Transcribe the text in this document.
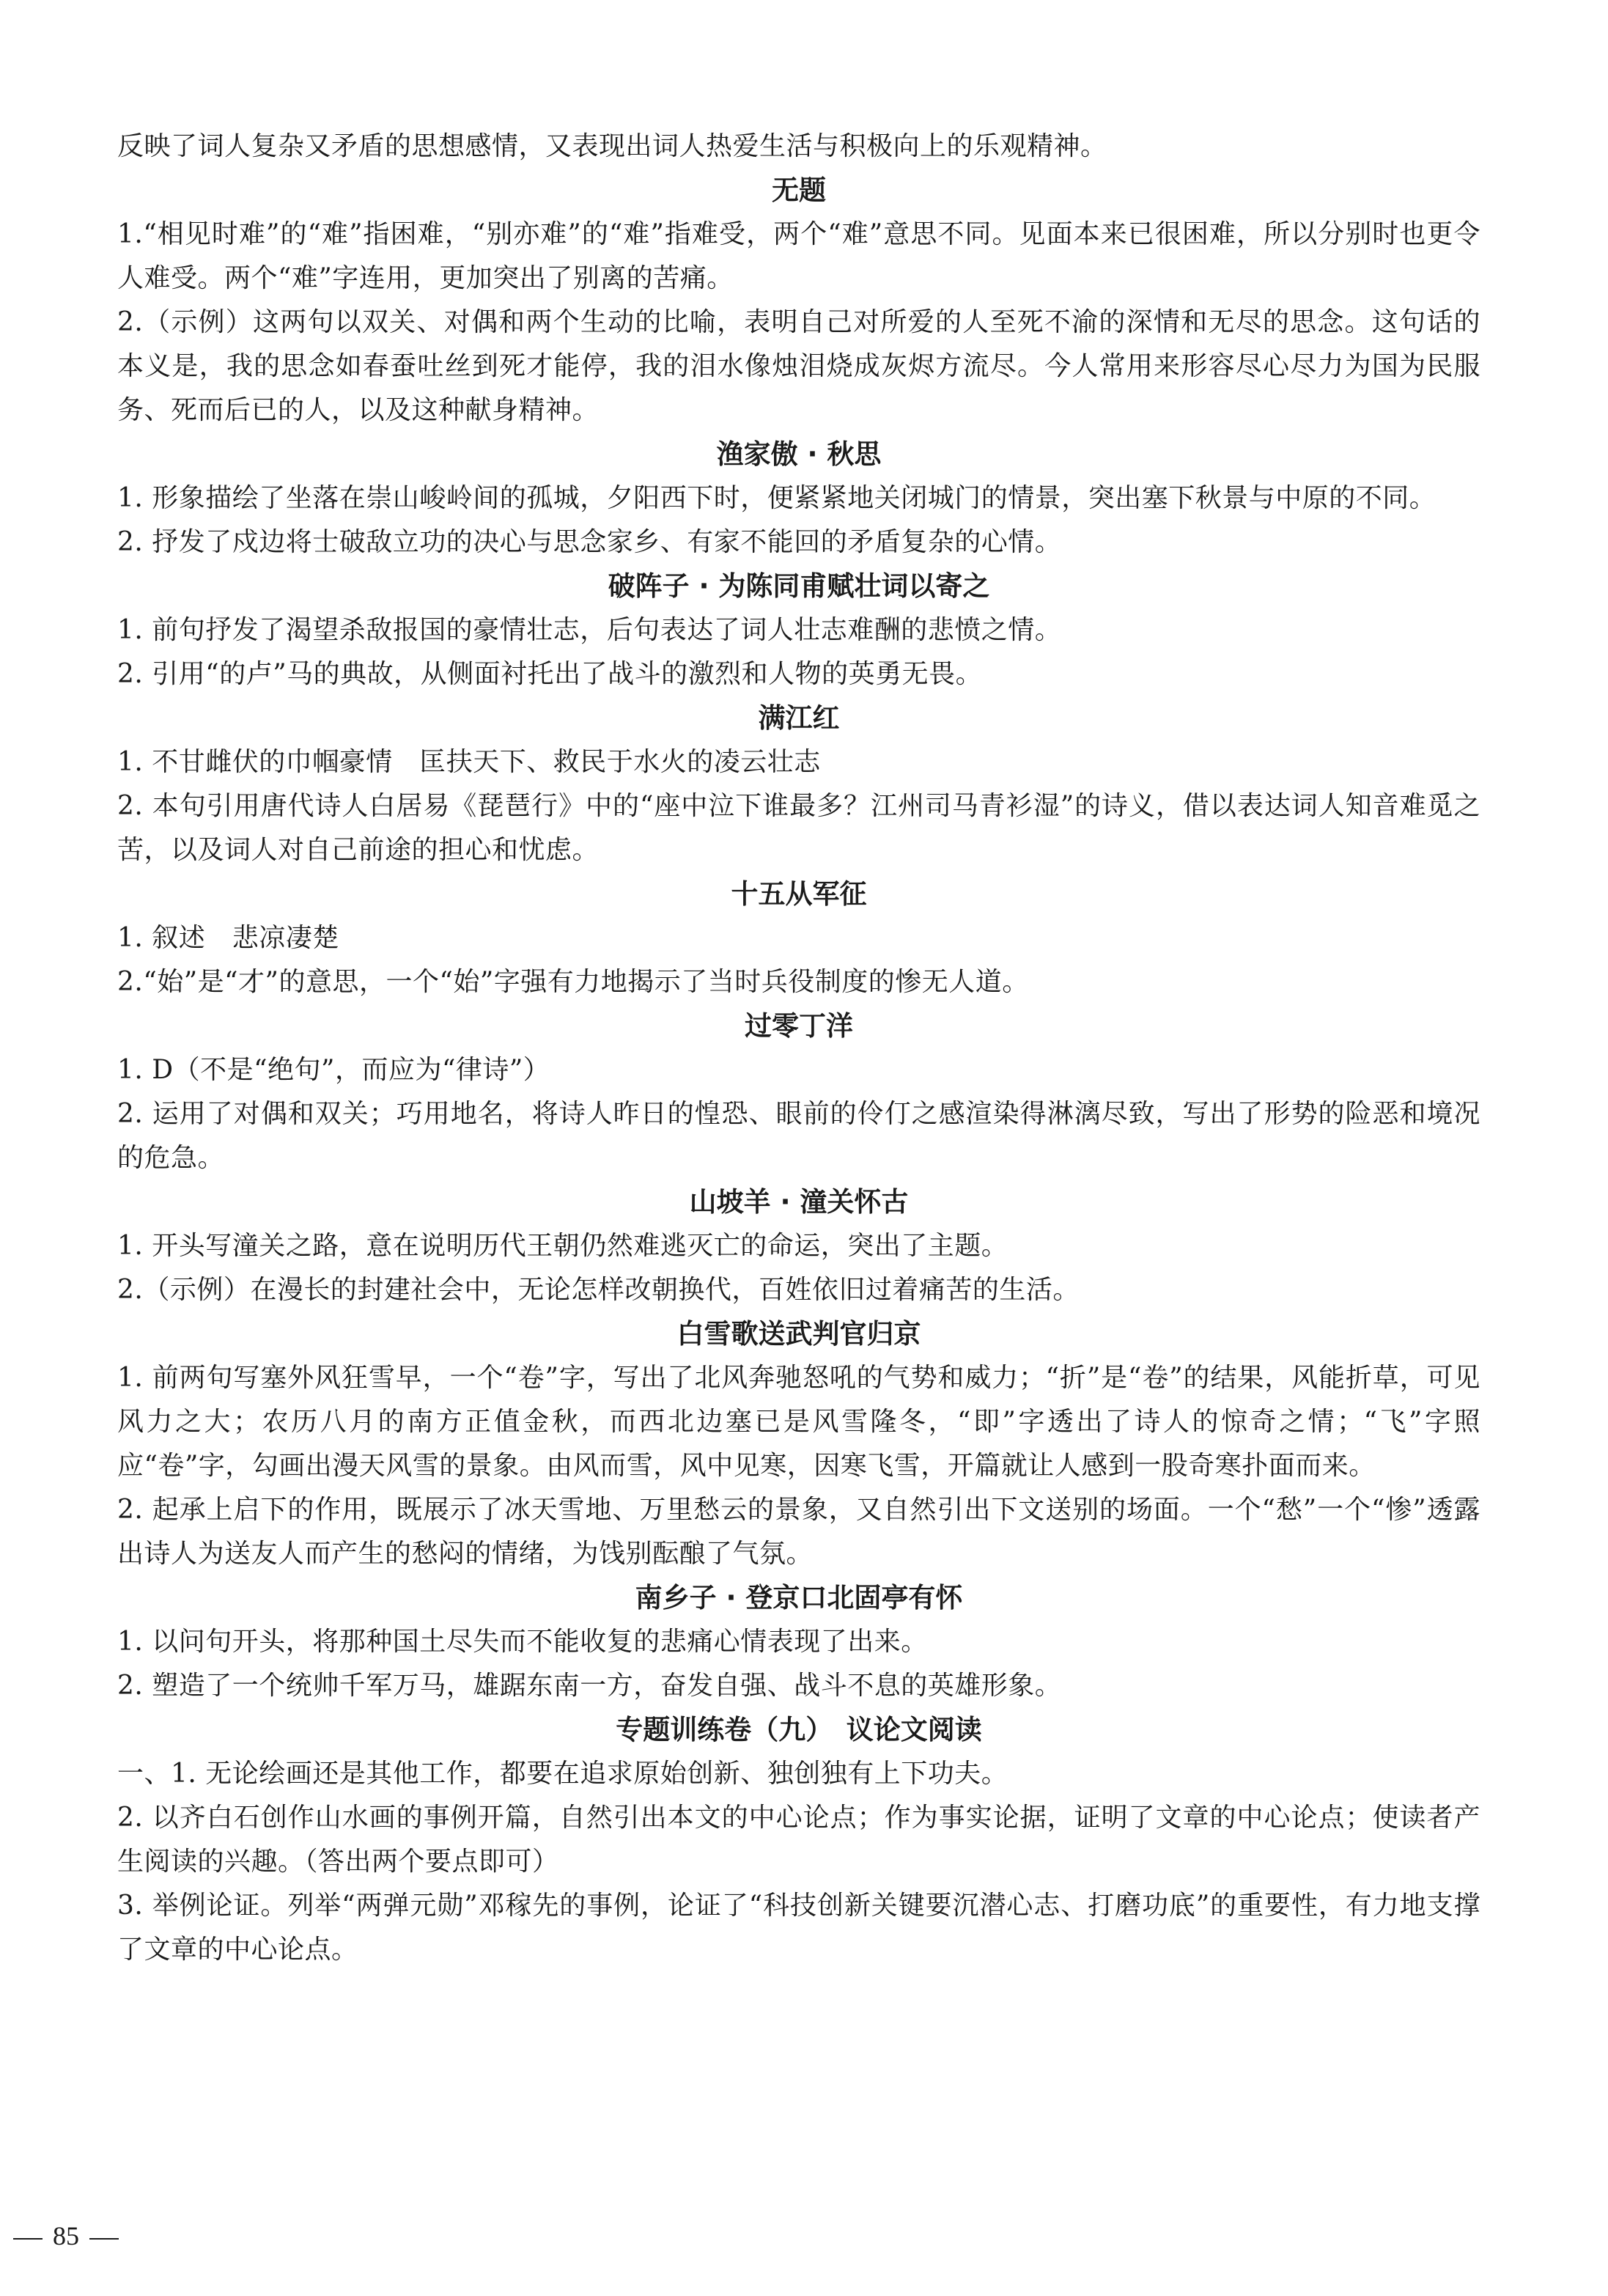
反映了词人复杂又矛盾的思想感情，又表现出词人热爱生活与积极向上的乐观精神。
无题
1.“相见时难”的“难”指困难，“别亦难”的“难”指难受，两个“难”意思不同。见面本来已很困难，所以分别时也更令人难受。两个“难”字连用，更加突出了别离的苦痛。
2.（示例）这两句以双关、对偶和两个生动的比喻，表明自己对所爱的人至死不渝的深情和无尽的思念。这句话的本义是，我的思念如春蚕吐丝到死才能停，我的泪水像烛泪烧成灰烬方流尽。今人常用来形容尽心尽力为国为民服务、死而后已的人，以及这种献身精神。
渔家傲 · 秋思
1. 形象描绘了坐落在崇山峻岭间的孤城，夕阳西下时，便紧紧地关闭城门的情景，突出塞下秋景与中原的不同。
2. 抒发了戍边将士破敌立功的决心与思念家乡、有家不能回的矛盾复杂的心情。
破阵子 · 为陈同甫赋壮词以寄之
1. 前句抒发了渴望杀敌报国的豪情壮志，后句表达了词人壮志难酬的悲愤之情。
2. 引用“的卢”马的典故，从侧面衬托出了战斗的激烈和人物的英勇无畏。
满江红
1. 不甘雌伏的巾帼豪情　匡扶天下、救民于水火的凌云壮志
2. 本句引用唐代诗人白居易《琵琶行》中的“座中泣下谁最多？江州司马青衫湿”的诗义，借以表达词人知音难觅之苦，以及词人对自己前途的担心和忧虑。
十五从军征
1. 叙述　悲凉凄楚
2.“始”是“才”的意思，一个“始”字强有力地揭示了当时兵役制度的惨无人道。
过零丁洋
1. D（不是“绝句”，而应为“律诗”）
2. 运用了对偶和双关；巧用地名，将诗人昨日的惶恐、眼前的伶仃之感渲染得淋漓尽致，写出了形势的险恶和境况的危急。
山坡羊 · 潼关怀古
1. 开头写潼关之路，意在说明历代王朝仍然难逃灭亡的命运，突出了主题。
2.（示例）在漫长的封建社会中，无论怎样改朝换代，百姓依旧过着痛苦的生活。
白雪歌送武判官归京
1. 前两句写塞外风狂雪早，一个“卷”字，写出了北风奔驰怒吼的气势和威力；“折”是“卷”的结果，风能折草，可见风力之大；农历八月的南方正值金秋，而西北边塞已是风雪隆冬，“即”字透出了诗人的惊奇之情；“飞”字照应“卷”字，勾画出漫天风雪的景象。由风而雪，风中见寒，因寒飞雪，开篇就让人感到一股奇寒扑面而来。
2. 起承上启下的作用，既展示了冰天雪地、万里愁云的景象，又自然引出下文送别的场面。一个“愁”一个“惨”透露出诗人为送友人而产生的愁闷的情绪，为饯别酝酿了气氛。
南乡子 · 登京口北固亭有怀
1. 以问句开头，将那种国土尽失而不能收复的悲痛心情表现了出来。
2. 塑造了一个统帅千军万马，雄踞东南一方，奋发自强、战斗不息的英雄形象。
专题训练卷（九）　议论文阅读
一、1. 无论绘画还是其他工作，都要在追求原始创新、独创独有上下功夫。
2. 以齐白石创作山水画的事例开篇，自然引出本文的中心论点；作为事实论据，证明了文章的中心论点；使读者产生阅读的兴趣。（答出两个要点即可）
3. 举例论证。列举“两弹元勋”邓稼先的事例，论证了“科技创新关键要沉潜心志、打磨功底”的重要性，有力地支撑了文章的中心论点。
85
